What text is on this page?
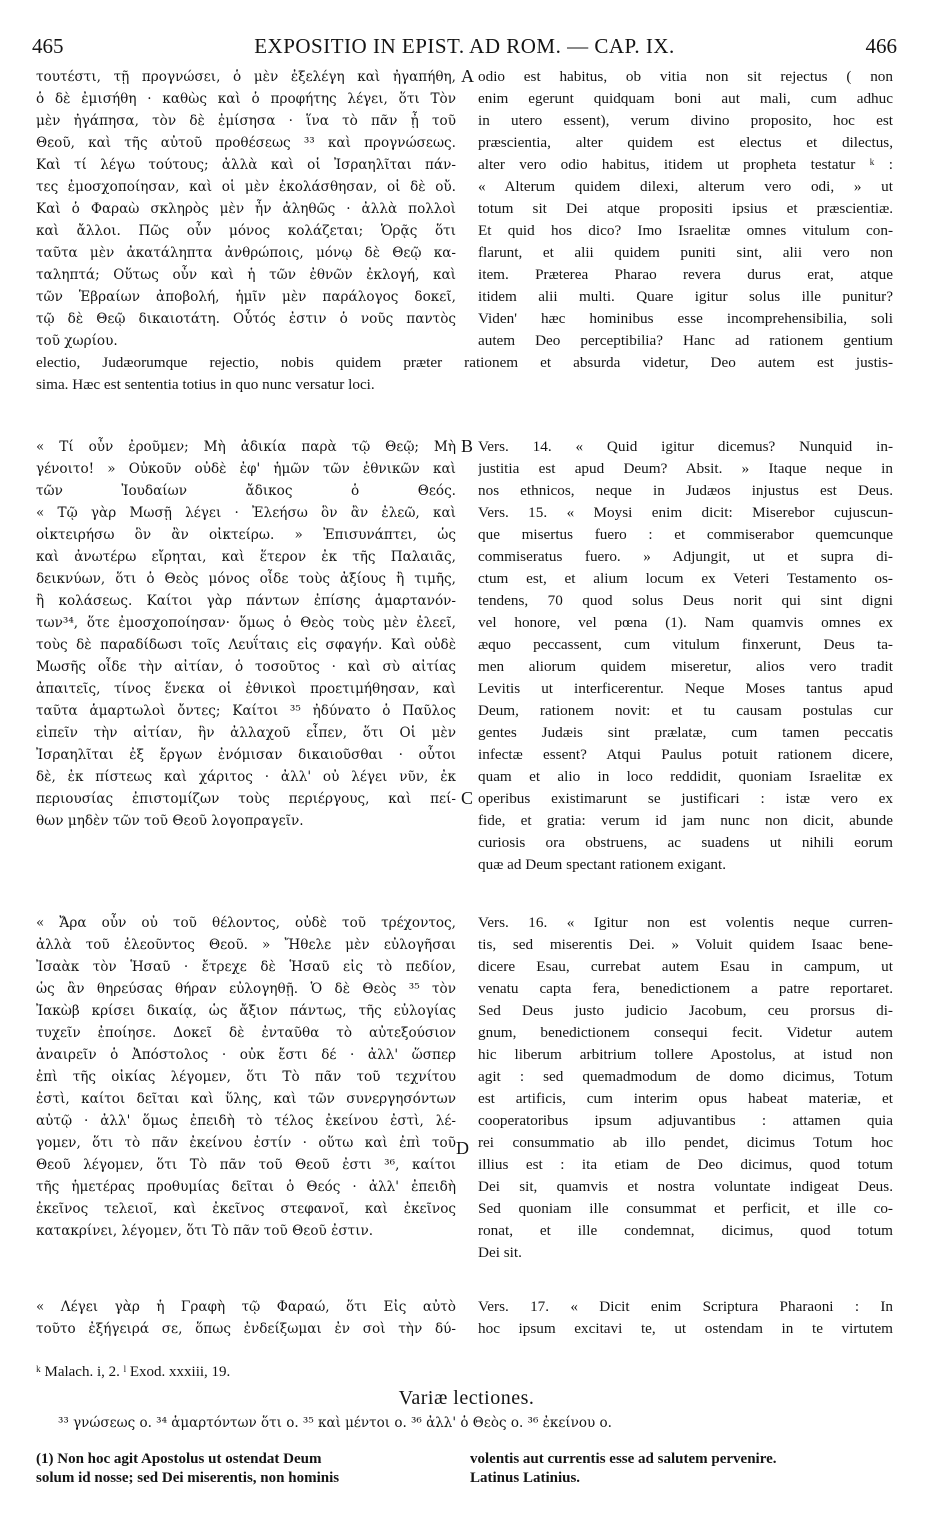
465	EXPOSITIO IN EPIST. AD ROM. — CAP. IX.	466
τουτέστι, τῇ προγνώσει, ὁ μὲν ἐξελέγη καὶ ἠγαπήθη,
ὁ δὲ ἐμισήθη · καθὼς καὶ ὁ προφήτης λέγει, ὅτι Τὸν
μὲν ἠγάπησα, τὸν δὲ ἐμίσησα · ἵνα τὸ πᾶν ᾖ τοῦ
Θεοῦ, καὶ τῆς αὐτοῦ προθέσεως ³³ καὶ προγνώσεως.
Καὶ τί λέγω τούτους; ἀλλὰ καὶ οἱ Ἰσραηλῖται πάν-
τες ἐμοσχοποίησαν, καὶ οἱ μὲν ἐκολάσθησαν, οἱ δὲ οὔ.
Καὶ ὁ Φαραὼ σκληρὸς μὲν ἦν ἀληθῶς · ἀλλὰ πολλοὶ
καὶ ἄλλοι. Πῶς οὖν μόνος κολάζεται; Ὁρᾷς ὅτι
ταῦτα μὲν ἀκατάληπτα ἀνθρώποις, μόνῳ δὲ Θεῷ κα-
ταληπτά; Οὕτως οὖν καὶ ἡ τῶν ἐθνῶν ἐκλογή, καὶ
τῶν Ἑβραίων ἀποβολή, ἡμῖν μὲν παράλογος δοκεῖ,
τῷ δὲ Θεῷ δικαιοτάτη. Οὗτός ἐστιν ὁ νοῦς παντὸς
τοῦ χωρίου.
odio est habitus, ob vitia non sit rejectus ( non
enim egerunt quidquam boni aut mali, cum adhuc
in utero essent), verum divino proposito, hoc est
præscientia, alter quidem est electus et dilectus,
alter vero odio habitus, itidem ut propheta testatur ᵏ :
« Alterum quidem dilexi, alterum vero odi, » ut
totum sit Dei atque propositi ipsius et præscientiæ.
Et quid hos dico? Imo Israelitæ omnes vitulum con-
flarunt, et alii quidem puniti sint, alii vero non
item. Præterea Pharao revera durus erat, atque
itidem alii multi. Quare igitur solus ille punitur?
Viden' hæc hominibus esse incomprehensibilia, soli
autem Deo perceptibilia? Hanc ad rationem gentium
electio, Judæorumque rejectio, nobis quidem præter rationem et absurda videtur, Deo autem est justis-
sima. Hæc est sententia totius in quo nunc versatur loci.
« Τί οὖν ἐροῦμεν; Μὴ ἀδικία παρὰ τῷ Θεῷ; Μὴ
γένοιτο! » Οὐκοῦν οὐδὲ ἐφ' ἡμῶν τῶν ἐθνικῶν καὶ
τῶν Ἰουδαίων ἄδικος ὁ Θεός.
« Τῷ γὰρ Μωσῇ λέγει · Ἐλεήσω ὃν ἂν ἐλεῶ, καὶ
οἰκτειρήσω ὃν ἂν οἰκτείρω. » Ἐπισυνάπτει, ὡς
καὶ ἀνωτέρω εἴρηται, καὶ ἕτερον ἐκ τῆς Παλαιᾶς,
δεικνύων, ὅτι ὁ Θεὸς μόνος οἶδε τοὺς ἀξίους ἢ τιμῆς,
ἢ κολάσεως. Καίτοι γὰρ πάντων ἐπίσης ἁμαρτανόν-
των³⁴, ὅτε ἐμοσχοποίησαν· ὅμως ὁ Θεὸς τοὺς μὲν ἐλεεῖ,
τοὺς δὲ παραδίδωσι τοῖς Λευΐταις εἰς σφαγήν. Καὶ οὐδὲ
Μωσῆς οἶδε τὴν αἰτίαν, ὁ τοσοῦτος · καὶ σὺ αἰτίας
ἀπαιτεῖς, τίνος ἕνεκα οἱ ἐθνικοὶ προετιμήθησαν, καὶ
ταῦτα ἁμαρτωλοὶ ὄντες; Καίτοι ³⁵ ἠδύνατο ὁ Παῦλος
εἰπεῖν τὴν αἰτίαν, ἣν ἀλλαχοῦ εἶπεν, ὅτι Οἱ μὲν
Ἰσραηλῖται ἐξ ἔργων ἐνόμισαν δικαιοῦσθαι · οὗτοι
δὲ, ἐκ πίστεως καὶ χάριτος · ἀλλ' οὐ λέγει νῦν, ἐκ
περιουσίας ἐπιστομίζων τοὺς περιέργους, καὶ πεί-
θων μηδὲν τῶν τοῦ Θεοῦ λογοπραγεῖν.
Vers. 14. « Quid igitur dicemus? Nunquid in-
justitia est apud Deum? Absit. » Itaque neque in
nos ethnicos, neque in Judæos injustus est Deus.
Vers. 15. « Moysi enim dicit: Miserebor cujuscun-
que misertus fuero : et commiserabor quemcunque
commiseratus fuero. » Adjungit, ut et supra di-
ctum est, et alium locum ex Veteri Testamento os-
tendens, 70 quod solus Deus norit qui sint digni
vel honore, vel pœna (1). Nam quamvis omnes ex
æquo peccassent, cum vitulum finxerunt, Deus ta-
men aliorum quidem miseretur, alios vero tradit
Levitis ut interficerentur. Neque Moses tantus apud
Deum, rationem novit: et tu causam postulas cur
gentes Judæis sint prælatæ, cum tamen peccatis
infectæ essent? Atqui Paulus potuit rationem dicere,
quam et alio in loco reddidit, quoniam Israelitæ ex
operibus existimarunt se justificari : istæ vero ex
fide, et gratia: verum id jam nunc non dicit, abunde
curiosis ora obstruens, ac suadens ut nihili eorum
quæ ad Deum spectant rationem exigant.
« Ἄρα οὖν οὐ τοῦ θέλοντος, οὐδὲ τοῦ τρέχοντος,
ἀλλὰ τοῦ ἐλεοῦντος Θεοῦ. » Ἤθελε μὲν εὐλογῆσαι
Ἰσαὰκ τὸν Ἡσαῦ · ἔτρεχε δὲ Ἡσαῦ εἰς τὸ πεδίον,
ὡς ἂν θηρεύσας θήραν εὐλογηθῇ. Ὁ δὲ Θεὸς ³⁵ τὸν
Ἰακὼβ κρίσει δικαίᾳ, ὡς ἄξιον πάντως, τῆς εὐλογίας
τυχεῖν ἐποίησε. Δοκεῖ δὲ ἐνταῦθα τὸ αὐτεξούσιον
ἀναιρεῖν ὁ Ἀπόστολος · οὐκ ἔστι δέ · ἀλλ' ὥσπερ
ἐπὶ τῆς οἰκίας λέγομεν, ὅτι Τὸ πᾶν τοῦ τεχνίτου
ἐστὶ, καίτοι δεῖται καὶ ὕλης, καὶ τῶν συνεργησόντων
αὐτῷ · ἀλλ' ὅμως ἐπειδὴ τὸ τέλος ἐκείνου ἐστὶ, λέ-
γομεν, ὅτι τὸ πᾶν ἐκείνου ἐστίν · οὕτω καὶ ἐπὶ τοῦ
Θεοῦ λέγομεν, ὅτι Τὸ πᾶν τοῦ Θεοῦ ἐστι ³⁶, καίτοι
τῆς ἡμετέρας προθυμίας δεῖται ὁ Θεός · ἀλλ' ἐπειδὴ
ἐκεῖνος τελειοῖ, καὶ ἐκεῖνος στεφανοῖ, καὶ ἐκεῖνος
κατακρίνει, λέγομεν, ὅτι Τὸ πᾶν τοῦ Θεοῦ ἐστιν.
Vers. 16. « Igitur non est volentis neque curren-
tis, sed miserentis Dei. » Voluit quidem Isaac bene-
dicere Esau, currebat autem Esau in campum, ut
venatu capta fera, benedictionem a patre reportaret.
Sed Deus justo judicio Jacobum, ceu prorsus di-
gnum, benedictionem consequi fecit. Videtur autem
hic liberum arbitrium tollere Apostolus, at istud non
agit : sed quemadmodum de domo dicimus, Totum
est artificis, cum interim opus habeat materiæ, et
cooperatoribus ipsum adjuvantibus : attamen quia
rei consummatio ab illo pendet, dicimus Totum hoc
illius est : ita etiam de Deo dicimus, quod totum
Dei sit, quamvis et nostra voluntate indigeat Deus.
Sed quoniam ille consummat et perficit, et ille co-
ronat, et ille condemnat, dicimus, quod totum
Dei sit.
« Λέγει γὰρ ἡ Γραφὴ τῷ Φαραώ, ὅτι Εἰς αὐτὸ
τοῦτο ἐξήγειρά σε, ὅπως ἐνδείξωμαι ἐν σοὶ τὴν δύ-
Vers. 17. « Dicit enim Scriptura Pharaoni : In
hoc ipsum excitavi te, ut ostendam in te virtutem
A
B
C
D
ᵏ Malach. i, 2. ˡ Exod. xxxiii, 19.
Variæ lectiones.
³³ γνώσεως ο. ³⁴ ἁμαρτόντων ὅτι ο. ³⁵ καὶ μέντοι ο. ³⁶ ἀλλ' ὁ Θεὸς ο. ³⁶ ἐκείνου ο.
(1) Non hoc agit Apostolus ut ostendat Deum
solum id nosse; sed Dei miserentis, non hominis
volentis aut currentis esse ad salutem pervenire.
Latinus Latinius.
